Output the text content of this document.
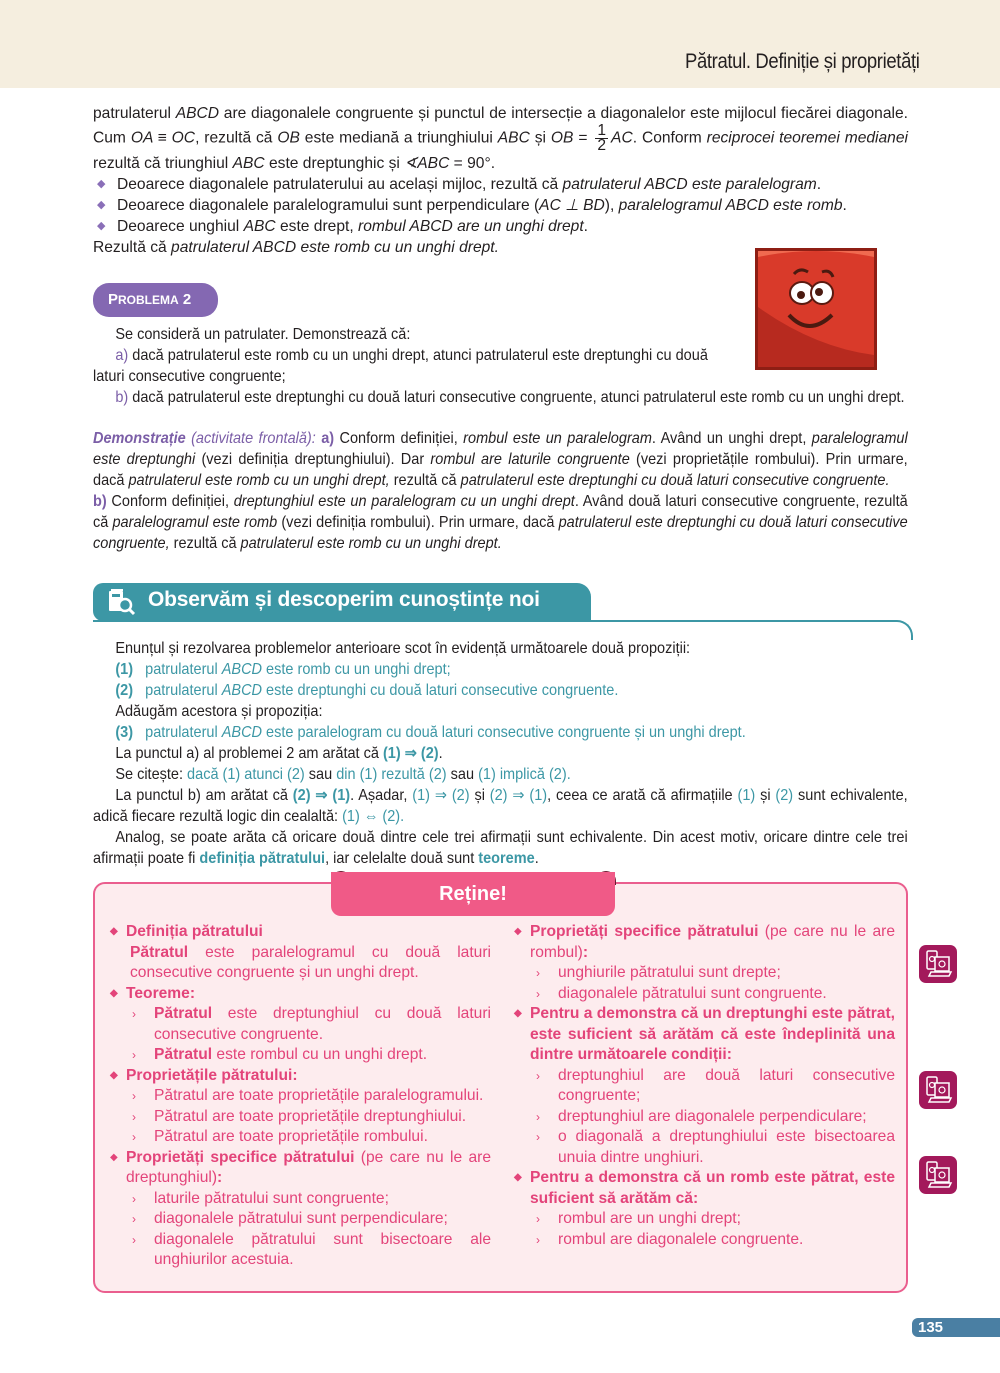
Pătratul. Definiție și proprietăți
patrulaterul ABCD are diagonalele congruente și punctul de intersecție a diagonalelor este mijlocul fiecărei diagonale. Cum OA ≡ OC, rezultă că OB este mediană a triunghiului ABC și OB = $\frac{1}{2}$ AC. Conform reciprocei teoremei medianei rezultă că triunghiul ABC este dreptunghic și ∢ABC = 90°.
◆ Deoarece diagonalele patrulaterului au același mijloc, rezultă că patrulaterul ABCD este paralelogram.
◆ Deoarece diagonalele paralelogramului sunt perpendiculare (AC ⊥ BD), paralelogramul ABCD este romb.
◆ Deoarece unghiul ABC este drept, rombul ABCD are un unghi drept.
Rezultă că patrulaterul ABCD este romb cu un unghi drept.
PROBLEMA 2
Se consideră un patrulater. Demonstrează că:
a) dacă patrulaterul este romb cu un unghi drept, atunci patrulaterul este dreptunghi cu două laturi consecutive congruente;
b) dacă patrulaterul este dreptunghi cu două laturi consecutive congruente, atunci patrulaterul este romb cu un unghi drept.
Demonstrație (activitate frontală): a) Conform definiției, rombul este un paralelogram. Având un unghi drept, paralelogramul este dreptunghi (vezi definiția dreptunghiului). Dar rombul are laturile congruente (vezi proprietățile rombului). Prin urmare, dacă patrulaterul este romb cu un unghi drept, rezultă că patrulaterul este dreptunghi cu două laturi consecutive congruente.
b) Conform definiției, dreptunghiul este un paralelogram cu un unghi drept. Având două laturi consecutive congruente, rezultă că paralelogramul este romb (vezi definiția rombului). Prin urmare, dacă patrulaterul este dreptunghi cu două laturi consecutive congruente, rezultă că patrulaterul este romb cu un unghi drept.
Observăm și descoperim cunoștințe noi
Enunțul și rezolvarea problemelor anterioare scot în evidență următoarele două propoziții:
(1) patrulaterul ABCD este romb cu un unghi drept;
(2) patrulaterul ABCD este dreptunghi cu două laturi consecutive congruente.
Adăugăm acestora și propoziția:
(3) patrulaterul ABCD este paralelogram cu două laturi consecutive congruente și un unghi drept.
La punctul a) al problemei 2 am arătat că (1) ⇒ (2).
Se citește: dacă (1) atunci (2) sau din (1) rezultă (2) sau (1) implică (2).
La punctul b) am arătat că (2) ⇒ (1). Așadar, (1) ⇒ (2) și (2) ⇒ (1), ceea ce arată că afirmațiile (1) și (2) sunt echivalente, adică fiecare rezultă logic din cealaltă: (1) ⇔ (2).
Analog, se poate arăta că oricare două dintre cele trei afirmații sunt echivalente. Din acest motiv, oricare dintre cele trei afirmații poate fi definiția pătratului, iar celelalte două sunt teoreme.
Reține!
◆ Definiția pătratului
Pătratul este paralelogramul cu două laturi consecutive congruente și un unghi drept.
◆ Teoreme:
› Pătratul este dreptunghiul cu două laturi consecutive congruente.
› Pătratul este rombul cu un unghi drept.
◆ Proprietățile pătratului:
› Pătratul are toate proprietățile paralelogramului.
› Pătratul are toate proprietățile dreptunghiului.
› Pătratul are toate proprietățile rombului.
◆ Proprietăți specifice pătratului (pe care nu le are dreptunghiul):
› laturile pătratului sunt congruente;
› diagonalele pătratului sunt perpendiculare;
› diagonalele pătratului sunt bisectoare ale unghiurilor acestuia.
◆ Proprietăți specifice pătratului (pe care nu le are rombul):
› unghiurile pătratului sunt drepte;
› diagonalele pătratului sunt congruente.
◆ Pentru a demonstra că un dreptunghi este pătrat, este suficient să arătăm că este îndeplinită una dintre următoarele condiții:
› dreptunghiul are două laturi consecutive congruente;
› dreptunghiul are diagonalele perpendiculare;
› o diagonală a dreptunghiului este bisectoarea unuia dintre unghiuri.
◆ Pentru a demonstra că un romb este pătrat, este suficient să arătăm că:
› rombul are un unghi drept;
› rombul are diagonalele congruente.
135
